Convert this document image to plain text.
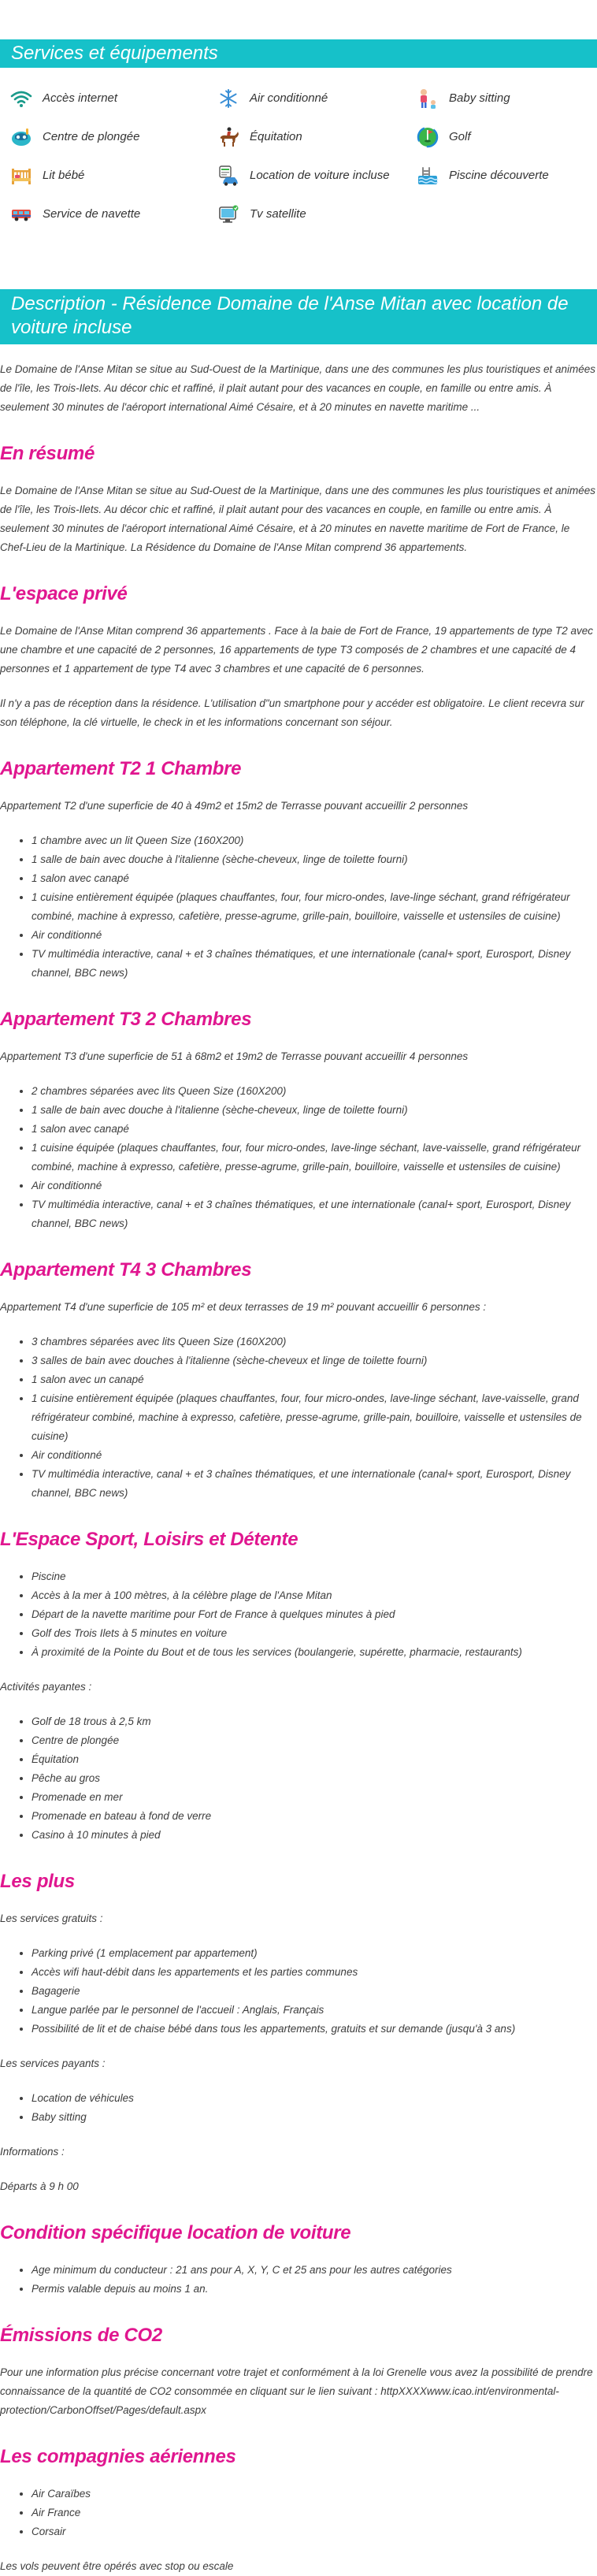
Services et équipements
Accès internet	Air conditionné	Baby sitting
Centre de plongée	Équitation	Golf
Lit bébé	Location de voiture incluse	Piscine découverte
Service de navette	Tv satellite
Description - Résidence Domaine de l'Anse Mitan avec location de voiture incluse

Le Domaine de l'Anse Mitan se situe au Sud-Ouest de la Martinique, dans une des communes les plus touristiques et animées de l'île, les Trois-Ilets. Au décor chic et raffiné, il plait autant pour des vacances en couple, en famille ou entre amis. À seulement 30 minutes de l'aéroport international Aimé Césaire, et à 20 minutes en navette maritime ...

En résumé

Le Domaine de l'Anse Mitan se situe au Sud-Ouest de la Martinique, dans une des communes les plus touristiques et animées de l'île, les Trois-Ilets. Au décor chic et raffiné, il plait autant pour des vacances en couple, en famille ou entre amis. À seulement 30 minutes de l'aéroport international Aimé Césaire, et à 20 minutes en navette maritime de Fort de France, le Chef-Lieu de la Martinique. La Résidence du Domaine de l'Anse Mitan comprend 36 appartements.

L'espace privé

Le Domaine de l'Anse Mitan comprend 36 appartements . Face à la baie de Fort de France, 19 appartements de type T2 avec une chambre et une capacité de 2 personnes, 16 appartements de type T3 composés de 2 chambres et une capacité de 4 personnes et 1 appartement de type T4 avec 3 chambres et une capacité de 6 personnes.

Il n'y a pas de réception dans la résidence. L'utilisation d"un smartphone pour y accéder est obligatoire. Le client recevra sur son téléphone, la clé virtuelle, le check in et les informations concernant son séjour.

Appartement T2 1 Chambre

Appartement T2 d'une superficie de 40 à 49m2 et 15m2 de Terrasse pouvant accueillir 2 personnes

• 1 chambre avec un lit Queen Size (160X200)
• 1 salle de bain avec douche à l'italienne (sèche-cheveux, linge de toilette fourni)
• 1 salon avec canapé
• 1 cuisine entièrement équipée (plaques chauffantes, four, four micro-ondes, lave-linge séchant, grand réfrigérateur combiné, machine à expresso, cafetière, presse-agrume, grille-pain, bouilloire, vaisselle et ustensiles de cuisine)
• Air conditionné
• TV multimédia interactive, canal + et 3 chaînes thématiques, et une internationale (canal+ sport, Eurosport, Disney channel, BBC news)
Appartement T3 2 Chambres

Appartement T3 d'une superficie de 51 à 68m2 et 19m2 de Terrasse pouvant accueillir 4 personnes

• 2 chambres séparées avec lits Queen Size (160X200)
• 1 salle de bain avec douche à l'italienne (sèche-cheveux, linge de toilette fourni)
• 1 salon avec canapé
• 1 cuisine équipée (plaques chauffantes, four, four micro-ondes, lave-linge séchant, lave-vaisselle, grand réfrigérateur combiné, machine à expresso, cafetière, presse-agrume, grille-pain, bouilloire, vaisselle et ustensiles de cuisine)
• Air conditionné
• TV multimédia interactive, canal + et 3 chaînes thématiques, et une internationale (canal+ sport, Eurosport, Disney channel, BBC news)
Appartement T4 3 Chambres

Appartement T4 d'une superficie de 105 m² et deux terrasses de 19 m² pouvant accueillir 6 personnes :

• 3 chambres séparées avec lits Queen Size (160X200)
• 3 salles de bain avec douches à l'italienne (sèche-cheveux et linge de toilette fourni)
• 1 salon avec un canapé
• 1 cuisine entièrement équipée (plaques chauffantes, four, four micro-ondes, lave-linge séchant, lave-vaisselle, grand réfrigérateur combiné, machine à expresso, cafetière, presse-agrume, grille-pain, bouilloire, vaisselle et ustensiles de cuisine)
• Air conditionné
• TV multimédia interactive, canal + et 3 chaînes thématiques, et une internationale (canal+ sport, Eurosport, Disney channel, BBC news)
L'Espace Sport, Loisirs et Détente
• Piscine
• Accès à la mer à 100 mètres, à la célèbre plage de l'Anse Mitan
• Départ de la navette maritime pour Fort de France à quelques minutes à pied
• Golf des Trois Ilets à 5 minutes en voiture
• À proximité de la Pointe du Bout et de tous les services (boulangerie, supérette, pharmacie, restaurants)

Activités payantes :

• Golf de 18 trous à 2,5 km
• Centre de plongée
• Équitation
• Pêche au gros
• Promenade en mer
• Promenade en bateau à fond de verre
• Casino à 10 minutes à pied
Les plus

Les services gratuits :

• Parking privé (1 emplacement par appartement)
• Accès wifi haut-débit dans les appartements et les parties communes
• Bagagerie
• Langue parlée par le personnel de l'accueil : Anglais, Français
• Possibilité de lit et de chaise bébé dans tous les appartements, gratuits et sur demande (jusqu'à 3 ans)

Les services payants :

• Location de véhicules
• Baby sitting

Informations :

Départs à 9 h 00

Condition spécifique location de voiture
• Age minimum du conducteur : 21 ans pour A, X, Y, C et 25 ans pour les autres catégories
• Permis valable depuis au moins 1 an.
Émissions de CO2

Pour une information plus précise concernant votre trajet et conformément à la loi Grenelle vous avez la possibilité de prendre connaissance de la quantité de CO2 consommée en cliquant sur le lien suivant : httpXXXXwww.icao.int/environmental-protection/CarbonOffset/Pages/default.aspx

Les compagnies aériennes
• Air Caraïbes
• Air France
• Corsair

Les vols peuvent être opérés avec stop ou escale
